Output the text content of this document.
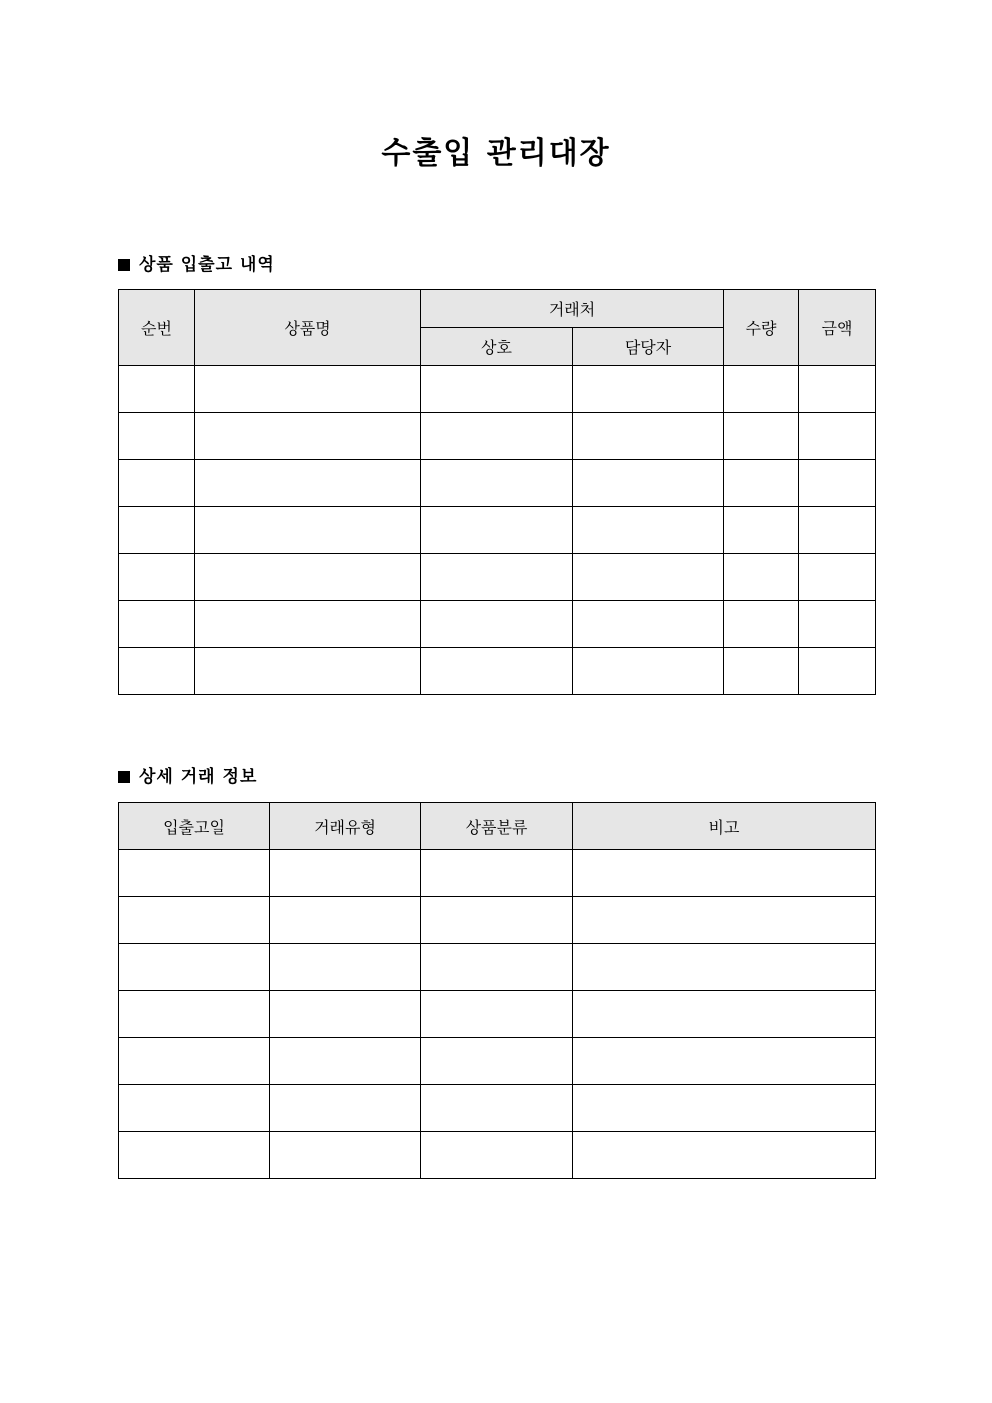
수출입 관리대장
상품 입출고 내역
순번	상품명	거래처		수량	금액
		상호	담당자		

상세 거래 정보
입출고일	거래유형	상품분류	비고
